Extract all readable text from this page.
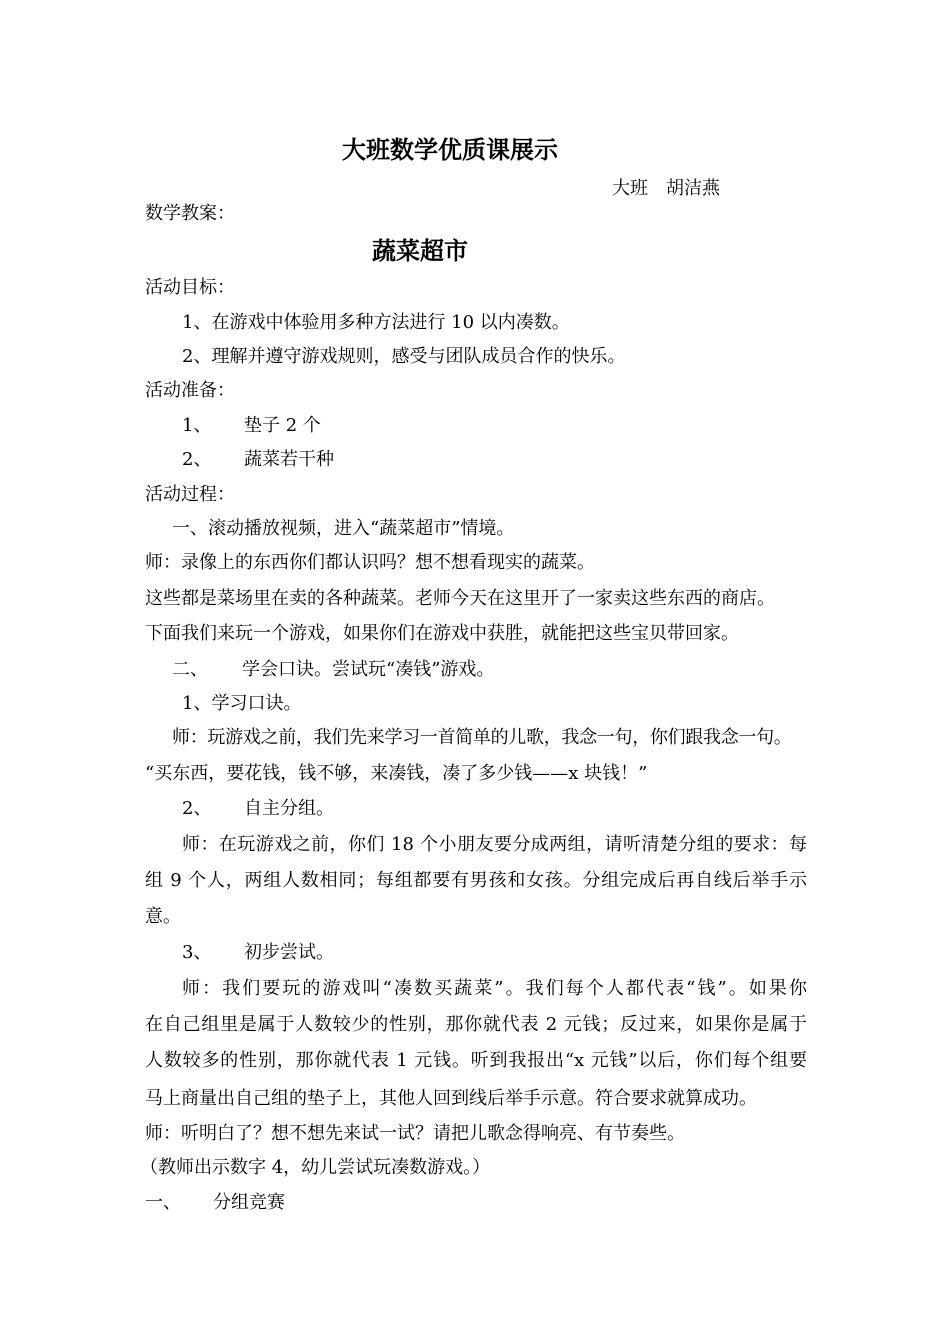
大班数学优质课展示
大班　胡洁燕
数学教案：
蔬菜超市
活动目标：
1、在游戏中体验用多种方法进行 10 以内凑数。
2、理解并遵守游戏规则，感受与团队成员合作的快乐。
活动准备：
1、 垫子 2 个
2、 蔬菜若干种
活动过程：
一、滚动播放视频，进入“蔬菜超市”情境。
师：录像上的东西你们都认识吗？想不想看现实的蔬菜。
这些都是菜场里在卖的各种蔬菜。老师今天在这里开了一家卖这些东西的商店。
下面我们来玩一个游戏，如果你们在游戏中获胜，就能把这些宝贝带回家。
二、 学会口诀。尝试玩“凑钱”游戏。
1、学习口诀。
师：玩游戏之前，我们先来学习一首简单的儿歌，我念一句，你们跟我念一句。
“买东西，要花钱，钱不够，来凑钱，凑了多少钱——x 块钱！”
2、 自主分组。
师：在玩游戏之前，你们 18 个小朋友要分成两组，请听清楚分组的要求：每
组 9 个人，两组人数相同；每组都要有男孩和女孩。分组完成后再自线后举手示
意。
3、 初步尝试。
师：我们要玩的游戏叫“凑数买蔬菜”。我们每个人都代表“钱”。如果你
在自己组里是属于人数较少的性别，那你就代表 2 元钱；反过来，如果你是属于
人数较多的性别，那你就代表 1 元钱。听到我报出“x 元钱”以后，你们每个组要
马上商量出自己组的垫子上，其他人回到线后举手示意。符合要求就算成功。
师：听明白了？想不想先来试一试？请把儿歌念得响亮、有节奏些。
（教师出示数字 4，幼儿尝试玩凑数游戏。）
一、 分组竞赛
